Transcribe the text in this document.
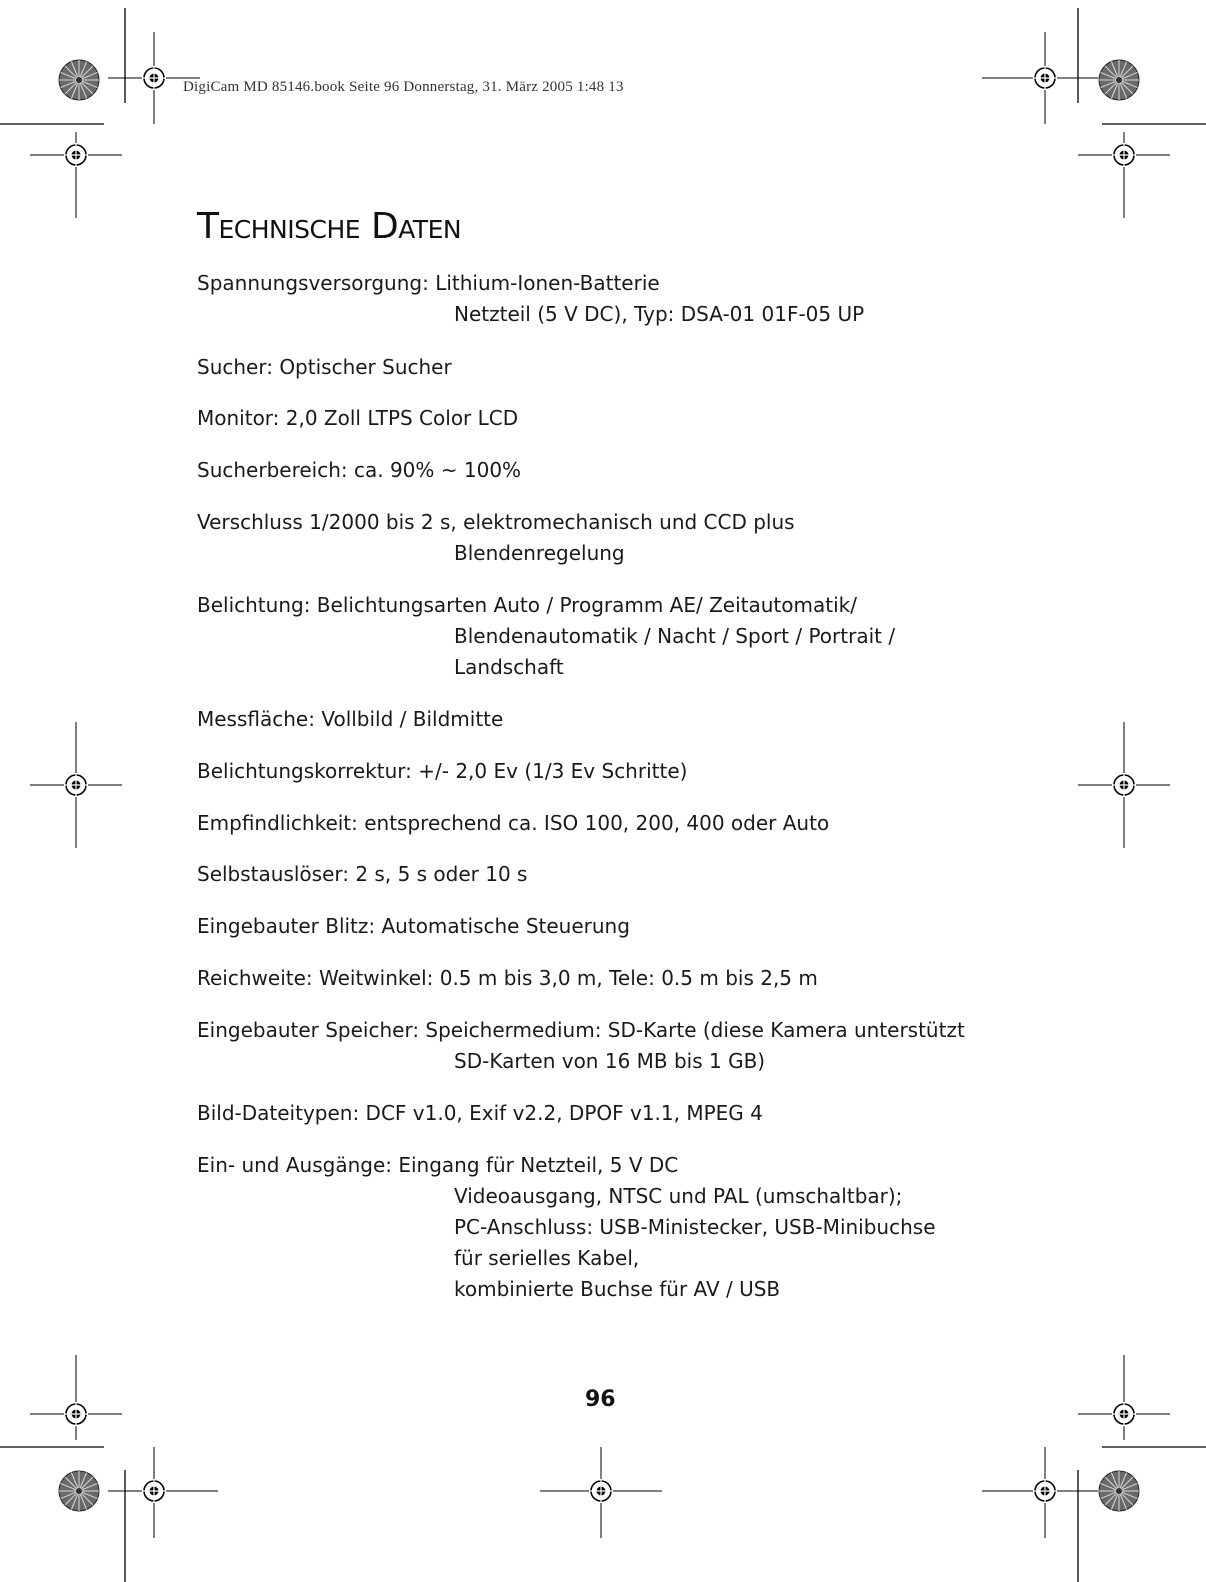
DigiCam MD 85146.book Seite 96 Donnerstag, 31. März 2005 1:48 13
Technische Daten
Spannungsversorgung: Lithium-Ionen-Batterie
Netzteil (5 V DC), Typ: DSA-01 01F-05 UP
Sucher: Optischer Sucher
Monitor: 2,0 Zoll LTPS Color LCD
Sucherbereich: ca. 90% ~ 100%
Verschluss 1/2000 bis 2 s, elektromechanisch und CCD plus
Blendenregelung
Belichtung: Belichtungsarten Auto / Programm AE/ Zeitautomatik/
Blendenautomatik / Nacht / Sport / Portrait /
Landschaft
Messfläche: Vollbild / Bildmitte
Belichtungskorrektur: +/- 2,0 Ev (1/3 Ev Schritte)
Empfindlichkeit: entsprechend ca. ISO 100, 200, 400 oder Auto
Selbstauslöser: 2 s, 5 s oder 10 s
Eingebauter Blitz: Automatische Steuerung
Reichweite: Weitwinkel: 0.5 m bis 3,0 m, Tele: 0.5 m bis 2,5 m
Eingebauter Speicher: Speichermedium: SD-Karte (diese Kamera unterstützt
SD-Karten von 16 MB bis 1 GB)
Bild-Dateitypen: DCF v1.0, Exif v2.2, DPOF v1.1, MPEG 4
Ein- und Ausgänge: Eingang für Netzteil, 5 V DC
Videoausgang, NTSC und PAL (umschaltbar);
PC-Anschluss: USB-Ministecker, USB-Minibuchse
für serielles Kabel,
kombinierte Buchse für AV / USB
96
